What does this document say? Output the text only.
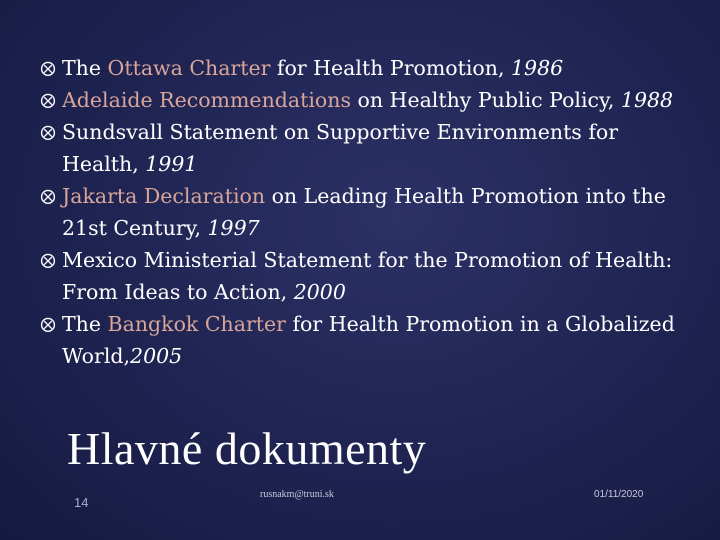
⨂ The Ottawa Charter for Health Promotion, 1986
⨂ Adelaide Recommendations on Healthy Public Policy, 1988
⨂ Sundsvall Statement on Supportive Environments for Health, 1991
⨂ Jakarta Declaration on Leading Health Promotion into the 21st Century, 1997
⨂ Mexico Ministerial Statement for the Promotion of Health: From Ideas to Action, 2000
⨂ The Bangkok Charter for Health Promotion in a Globalized World,2005
Hlavné dokumenty
14
rusnakm@truni.sk	01/11/2020
